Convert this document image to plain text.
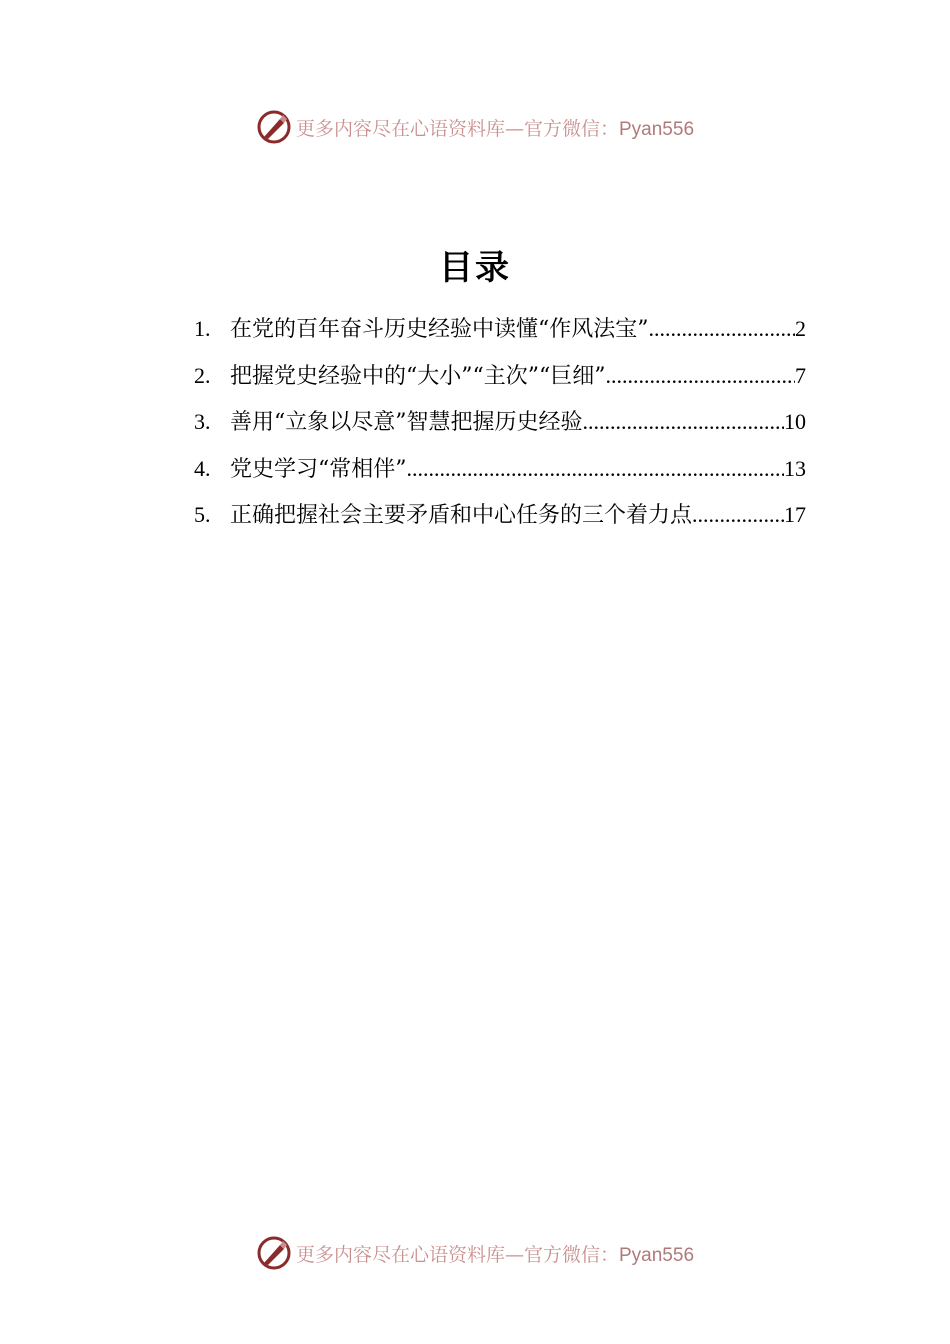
更多内容尽在心语资料库—官方微信：Pyan556
目录
1. 在党的百年奋斗历史经验中读懂“作风法宝” .....	2
2. 把握党史经验中的“大小”“主次”“巨细” .....	7
3. 善用“立象以尽意”智慧把握历史经验 .....	10
4. 党史学习“常相伴” .....	13
5. 正确把握社会主要矛盾和中心任务的三个着力点 .....	17
更多内容尽在心语资料库—官方微信：Pyan556
